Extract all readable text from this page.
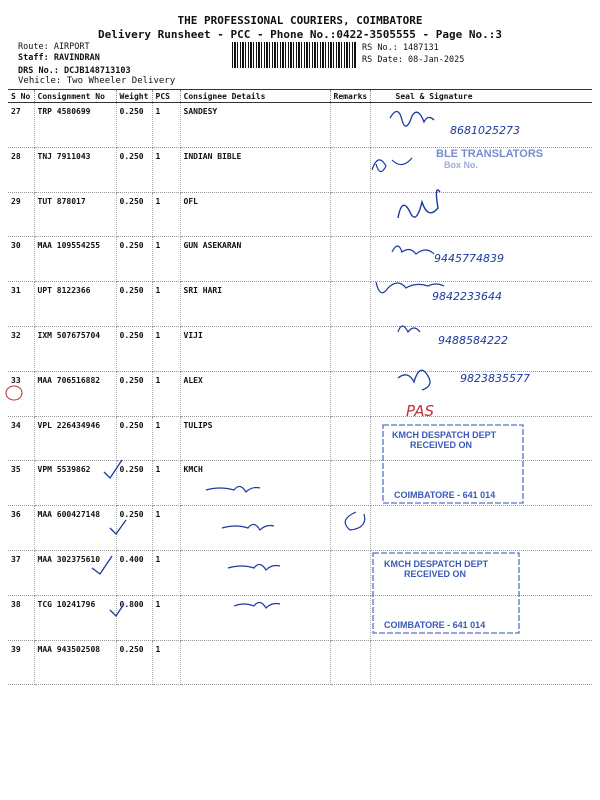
THE PROFESSIONAL COURIERS, COIMBATORE
Delivery Runsheet - PCC - Phone No.:0422-3505555 - Page No.:3
Route: AIRPORT
Staff: RAVINDRAN
DRS No.: DCJB148713103
Vehicle: Two Wheeler Delivery
RS No.: 1487131
RS Date: 08-Jan-2025
S No	Consignment No	Weight	PCS	Consignee Details	Remarks	Seal & Signature
27	TRP 4580699	0.250	1	SANDESY		
28	TNJ 7911043	0.250	1	INDIAN BIBLE		
29	TUT 878017	0.250	1	OFL		
30	MAA 109554255	0.250	1	GUN ASEKARAN		
31	UPT 8122366	0.250	1	SRI HARI		
32	IXM 507675704	0.250	1	VIJI		
33	MAA 706516882	0.250	1	ALEX		
34	VPL 226434946	0.250	1	TULIPS		
35	VPM 5539862	0.250	1	KMCH		
36	MAA 600427148	0.250	1			
37	MAA 302375610	0.400	1			
38	TCG 10241796	0.800	1			
39	MAA 943502508	0.250	1			
8681025273
BLE TRANSLATORS
Box No.
9445774839
9842233644
9488584222
9823835577
PAS
KMCH DESPATCH DEPT
RECEIVED ON
COIMBATORE - 641 014
KMCH DESPATCH DEPT
RECEIVED ON
COIMBATORE - 641 014
